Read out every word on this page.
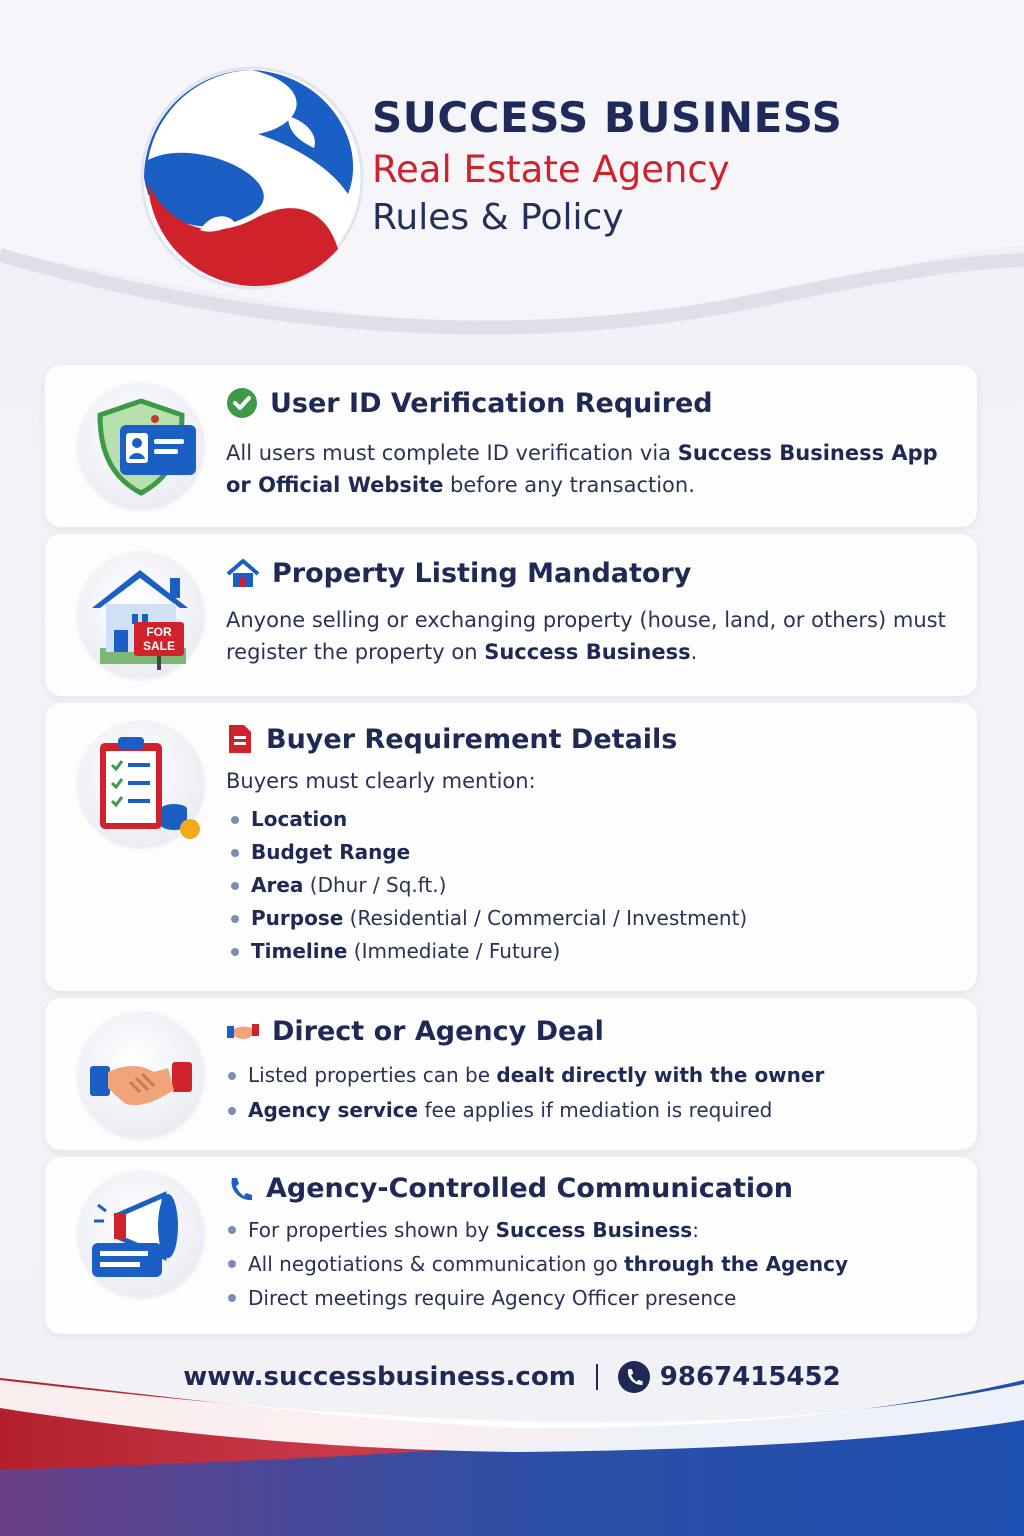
SUCCESS BUSINESS
Real Estate Agency
Rules & Policy
User ID Verification Required
All users must complete ID verification via Success Business App or Official Website before any transaction.
FOR
SALE
Property Listing Mandatory
Anyone selling or exchanging property (house, land, or others) must register the property on Success Business.
Buyer Requirement Details
Buyers must clearly mention:
Location
Budget Range
Area (Dhur / Sq.ft.)
Purpose (Residential / Commercial / Investment)
Timeline (Immediate / Future)
Direct or Agency Deal
Listed properties can be dealt directly with the owner
Agency service fee applies if mediation is required
Agency-Controlled Communication
For properties shown by Success Business:
All negotiations & communication go through the Agency
Direct meetings require Agency Officer presence
www.successbusiness.com	9867415452
